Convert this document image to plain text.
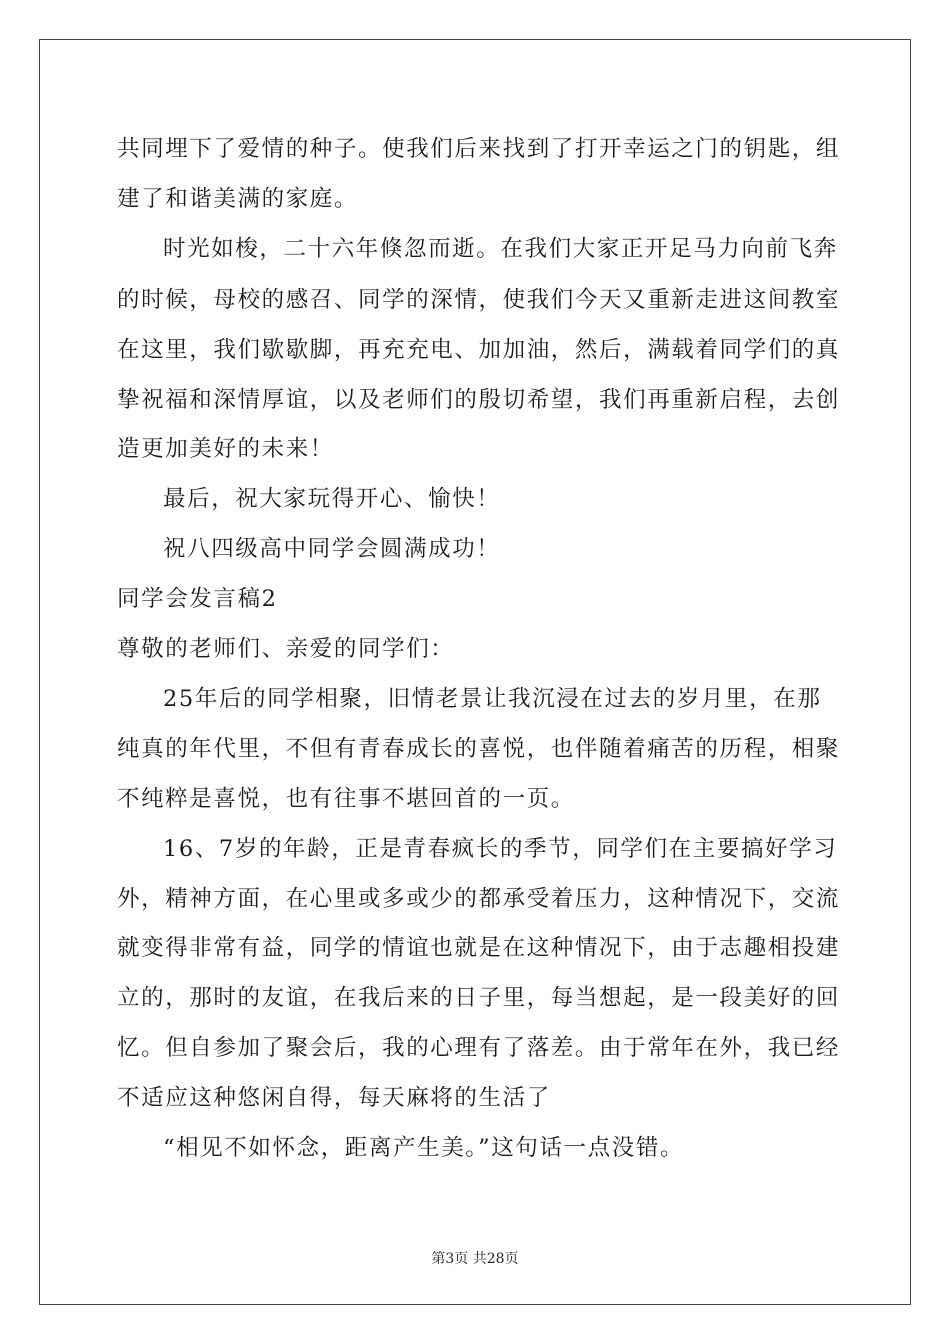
共同埋下了爱情的种子。使我们后来找到了打开幸运之门的钥匙，组
建了和谐美满的家庭。
时光如梭，二十六年倏忽而逝。在我们大家正开足马力向前飞奔
的时候，母校的感召、同学的深情，使我们今天又重新走进这间教室
在这里，我们歇歇脚，再充充电、加加油，然后，满载着同学们的真
挚祝福和深情厚谊，以及老师们的殷切希望，我们再重新启程，去创
造更加美好的未来！
最后，祝大家玩得开心、愉快！
祝八四级高中同学会圆满成功！
同学会发言稿2
尊敬的老师们、亲爱的同学们：
25年后的同学相聚，旧情老景让我沉浸在过去的岁月里，在那
纯真的年代里，不但有青春成长的喜悦，也伴随着痛苦的历程，相聚
不纯粹是喜悦，也有往事不堪回首的一页。
16、7岁的年龄，正是青春疯长的季节，同学们在主要搞好学习
外，精神方面，在心里或多或少的都承受着压力，这种情况下，交流
就变得非常有益，同学的情谊也就是在这种情况下，由于志趣相投建
立的，那时的友谊，在我后来的日子里，每当想起，是一段美好的回
忆。但自参加了聚会后，我的心理有了落差。由于常年在外，我已经
不适应这种悠闲自得，每天麻将的生活了
“相见不如怀念，距离产生美。”这句话一点没错。
第3页 共28页
